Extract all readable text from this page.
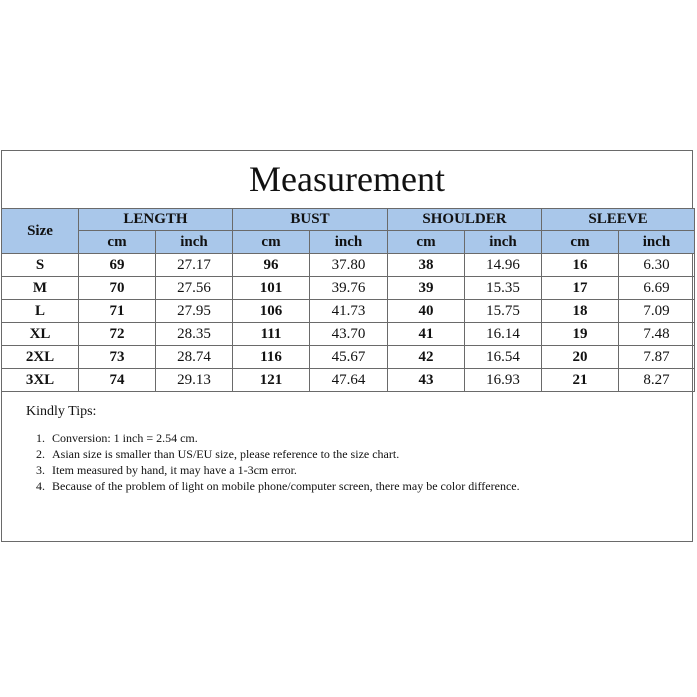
Measurement
Size	LENGTH		BUST		SHOULDER		SLEEVE	
	cm	inch	cm	inch	cm	inch	cm	inch
S	69	27.17	96	37.80	38	14.96	16	6.30
M	70	27.56	101	39.76	39	15.35	17	6.69
L	71	27.95	106	41.73	40	15.75	18	7.09
XL	72	28.35	111	43.70	41	16.14	19	7.48
2XL	73	28.74	116	45.67	42	16.54	20	7.87
3XL	74	29.13	121	47.64	43	16.93	21	8.27
Kindly Tips:
1. Conversion: 1 inch = 2.54 cm.
2. Asian size is smaller than US/EU size, please reference to the size chart.
3. Item measured by hand, it may have a 1-3cm error.
4. Because of the problem of light on mobile phone/computer screen, there may be color difference.
